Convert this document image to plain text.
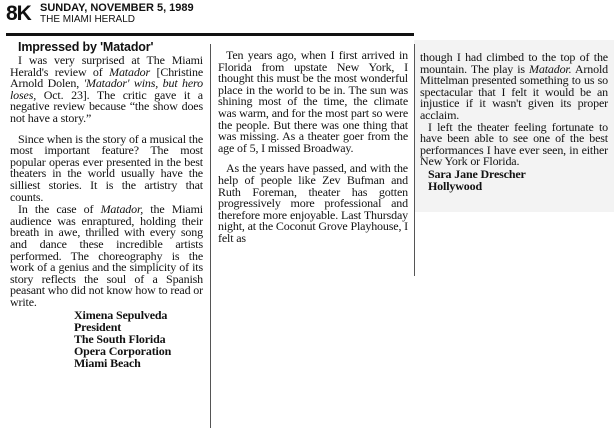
8K SUNDAY, NOVEMBER 5, 1989
THE MIAMI HERALD

Impressed by 'Matador'

I was very surprised at The Miami Herald's review of Matador [Christine Arnold Dolen, 'Matador' wins, but hero loses, Oct. 23]. The critic gave it a negative review because “the show does not have a story.”

Since when is the story of a musical the most important feature? The most popular operas ever presented in the best theaters in the world usually have the silliest stories. It is the artistry that counts.

In the case of Matador, the Miami audience was enraptured, holding their breath in awe, thrilled with every song and dance these incredible artists performed. The choreography is the work of a genius and the simplicity of its story reflects the soul of a Spanish peasant who did not know how to read or write.

Ximena Sepulveda

President

The South Florida

Opera Corporation

Miami Beach

Ten years ago, when I first arrived in Florida from upstate New York, I thought this must be the most wonderful place in the world to be in. The sun was shining most of the time, the climate was warm, and for the most part so were the people. But there was one thing that was missing. As a theater goer from the age of 5, I missed Broadway.

As the years have passed, and with the help of people like Zev Bufman and Ruth Foreman, theater has gotten progressively more professional and therefore more enjoyable. Last Thursday night, at the Coconut Grove Playhouse, I felt as

though I had climbed to the top of the mountain. The play is Matador. Arnold Mittelman presented something to us so spectacular that I felt it would be an injustice if it wasn't given its proper acclaim.

I left the theater feeling fortunate to have been able to see one of the best performances I have ever seen, in either New York or Florida.

Sara Jane Drescher

Hollywood
